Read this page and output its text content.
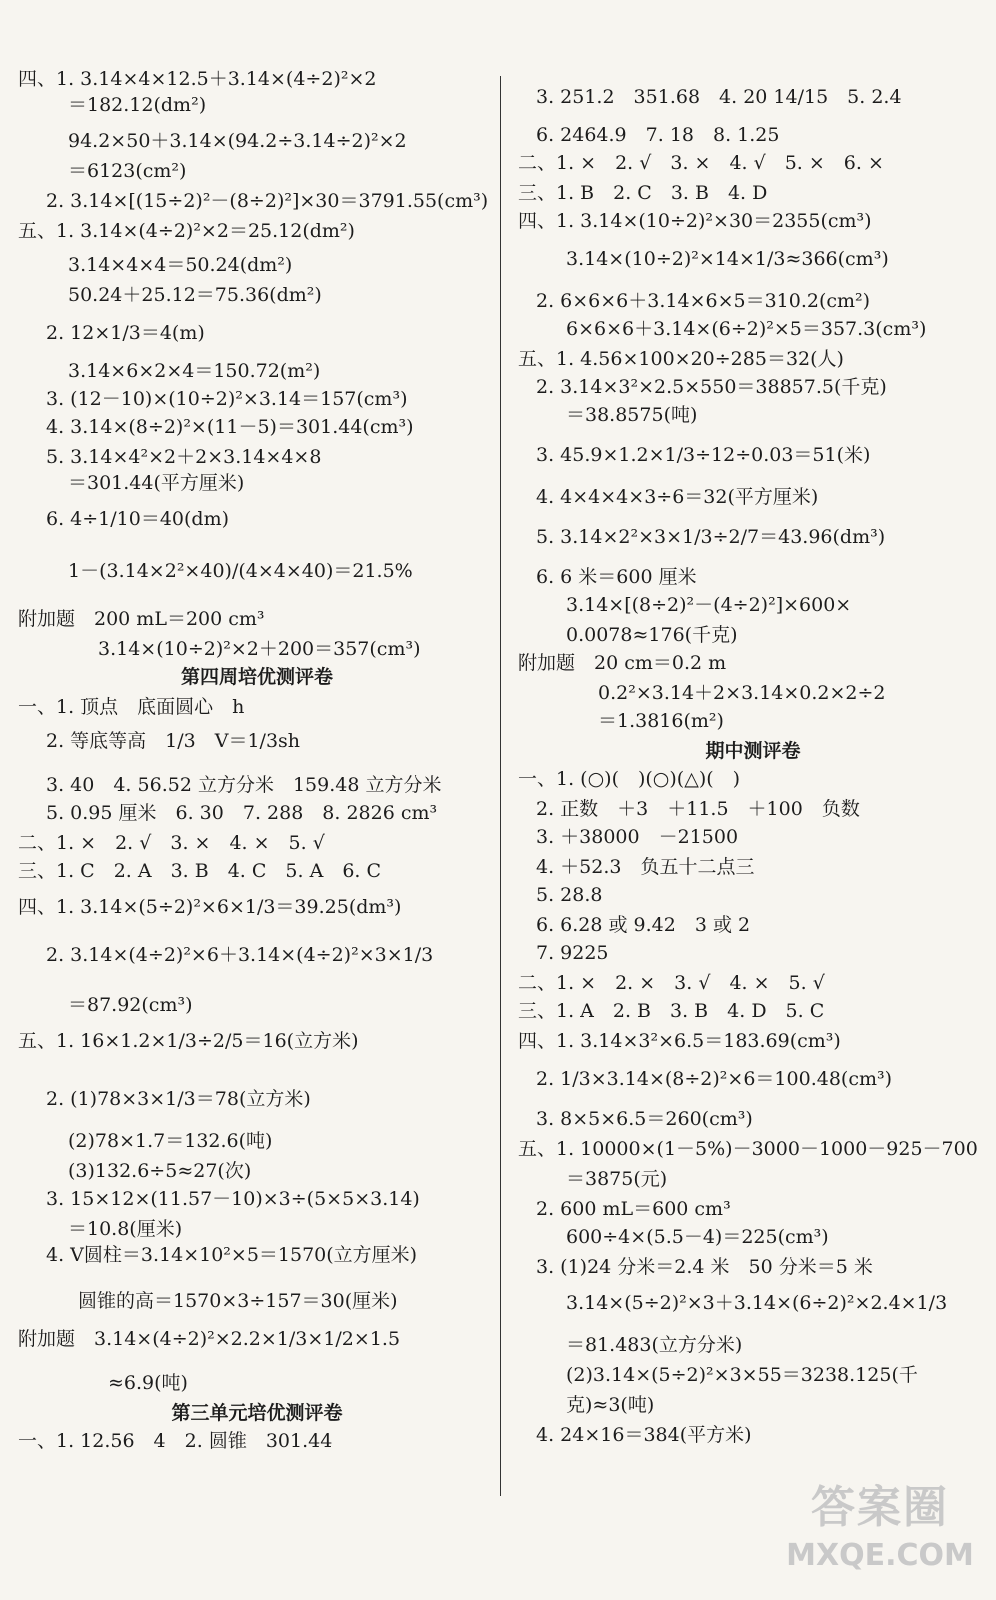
四、1. 3.14×4×12.5＋3.14×(4÷2)²×2
＝182.12(dm²)
94.2×50＋3.14×(94.2÷3.14÷2)²×2
＝6123(cm²)
2. 3.14×[(15÷2)²－(8÷2)²]×30＝3791.55(cm³)
五、1. 3.14×(4÷2)²×2＝25.12(dm²)
3.14×4×4＝50.24(dm²)
50.24＋25.12＝75.36(dm²)
2. 12×1/3＝4(m)
3.14×6×2×4＝150.72(m²)
3. (12－10)×(10÷2)²×3.14＝157(cm³)
4. 3.14×(8÷2)²×(11－5)＝301.44(cm³)
5. 3.14×4²×2＋2×3.14×4×8
＝301.44(平方厘米)
6. 4÷1/10＝40(dm)
1－(3.14×2²×40)/(4×4×40)＝21.5%
附加题　200 mL＝200 cm³
3.14×(10÷2)²×2＋200＝357(cm³)
第四周培优测评卷
一、1. 顶点　底面圆心　h
2. 等底等高　1/3　V＝1/3sh
3. 40　4. 56.52 立方分米　159.48 立方分米
5. 0.95 厘米　6. 30　7. 288　8. 2826 cm³
二、1. ×　2. √　3. ×　4. ×　5. √
三、1. C　2. A　3. B　4. C　5. A　6. C
四、1. 3.14×(5÷2)²×6×1/3＝39.25(dm³)
2. 3.14×(4÷2)²×6＋3.14×(4÷2)²×3×1/3
＝87.92(cm³)
五、1. 16×1.2×1/3÷2/5＝16(立方米)
2. (1)78×3×1/3＝78(立方米)
(2)78×1.7＝132.6(吨)
(3)132.6÷5≈27(次)
3. 15×12×(11.57－10)×3÷(5×5×3.14)
＝10.8(厘米)
4. V圆柱＝3.14×10²×5＝1570(立方厘米)
圆锥的高＝1570×3÷157＝30(厘米)
附加题　3.14×(4÷2)²×2.2×1/3×1/2×1.5
≈6.9(吨)
第三单元培优测评卷
一、1. 12.56　4　2. 圆锥　301.44
3. 251.2　351.68　4. 20 14/15　5. 2.4
6. 2464.9　7. 18　8. 1.25
二、1. ×　2. √　3. ×　4. √　5. ×　6. ×
三、1. B　2. C　3. B　4. D
四、1. 3.14×(10÷2)²×30＝2355(cm³)
3.14×(10÷2)²×14×1/3≈366(cm³)
2. 6×6×6＋3.14×6×5＝310.2(cm²)
6×6×6＋3.14×(6÷2)²×5＝357.3(cm³)
五、1. 4.56×100×20÷285＝32(人)
2. 3.14×3²×2.5×550＝38857.5(千克)
＝38.8575(吨)
3. 45.9×1.2×1/3÷12÷0.03＝51(米)
4. 4×4×4×3÷6＝32(平方厘米)
5. 3.14×2²×3×1/3÷2/7＝43.96(dm³)
6. 6 米＝600 厘米
3.14×[(8÷2)²－(4÷2)²]×600×
0.0078≈176(千克)
附加题　20 cm＝0.2 m
0.2²×3.14＋2×3.14×0.2×2÷2
＝1.3816(m²)
期中测评卷
一、1. (○)(　)(○)(△)(　)
2. 正数　＋3　＋11.5　＋100　负数
3. ＋38000　－21500
4. ＋52.3　负五十二点三
5. 28.8
6. 6.28 或 9.42　3 或 2
7. 9225
二、1. ×　2. ×　3. √　4. ×　5. √
三、1. A　2. B　3. B　4. D　5. C
四、1. 3.14×3²×6.5＝183.69(cm³)
2. 1/3×3.14×(8÷2)²×6＝100.48(cm³)
3. 8×5×6.5＝260(cm³)
五、1. 10000×(1－5%)－3000－1000－925－700
＝3875(元)
2. 600 mL＝600 cm³
600÷4×(5.5－4)＝225(cm³)
3. (1)24 分米＝2.4 米　50 分米＝5 米
3.14×(5÷2)²×3＋3.14×(6÷2)²×2.4×1/3
＝81.483(立方分米)
(2)3.14×(5÷2)²×3×55＝3238.125(千
克)≈3(吨)
4. 24×16＝384(平方米)
答案圈
MXQE.COM
